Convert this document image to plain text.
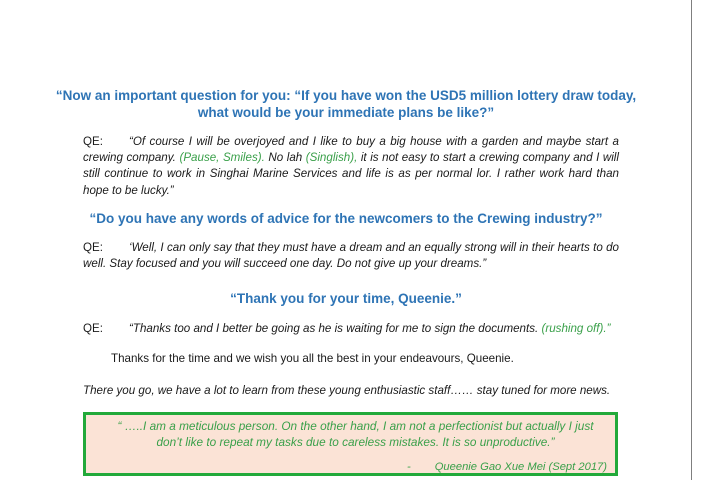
“Now an important question for you: “If you have won the USD5 million lottery draw today,
what would be your immediate plans be like?”
QE: “Of course I will be overjoyed and I like to buy a big house with a garden and maybe start a crewing company. (Pause, Smiles). No lah (Singlish), it is not easy to start a crewing company and I will still continue to work in Singhai Marine Services and life is as per normal lor. I rather work hard than hope to be lucky.”
“Do you have any words of advice for the newcomers to the Crewing industry?”
QE: ‘Well, I can only say that they must have a dream and an equally strong will in their hearts to do well. Stay focused and you will succeed one day. Do not give up your dreams.”
“Thank you for your time, Queenie.”
QE: “Thanks too and I better be going as he is waiting for me to sign the documents. (rushing off).”
Thanks for the time and we wish you all the best in your endeavours, Queenie.
There you go, we have a lot to learn from these young enthusiastic staff…… stay tuned for more news.
“ …..I am a meticulous person. On the other hand, I am not a perfectionist but actually I just
don’t like to repeat my tasks due to careless mistakes. It is so unproductive.”
- Queenie Gao Xue Mei (Sept 2017)
